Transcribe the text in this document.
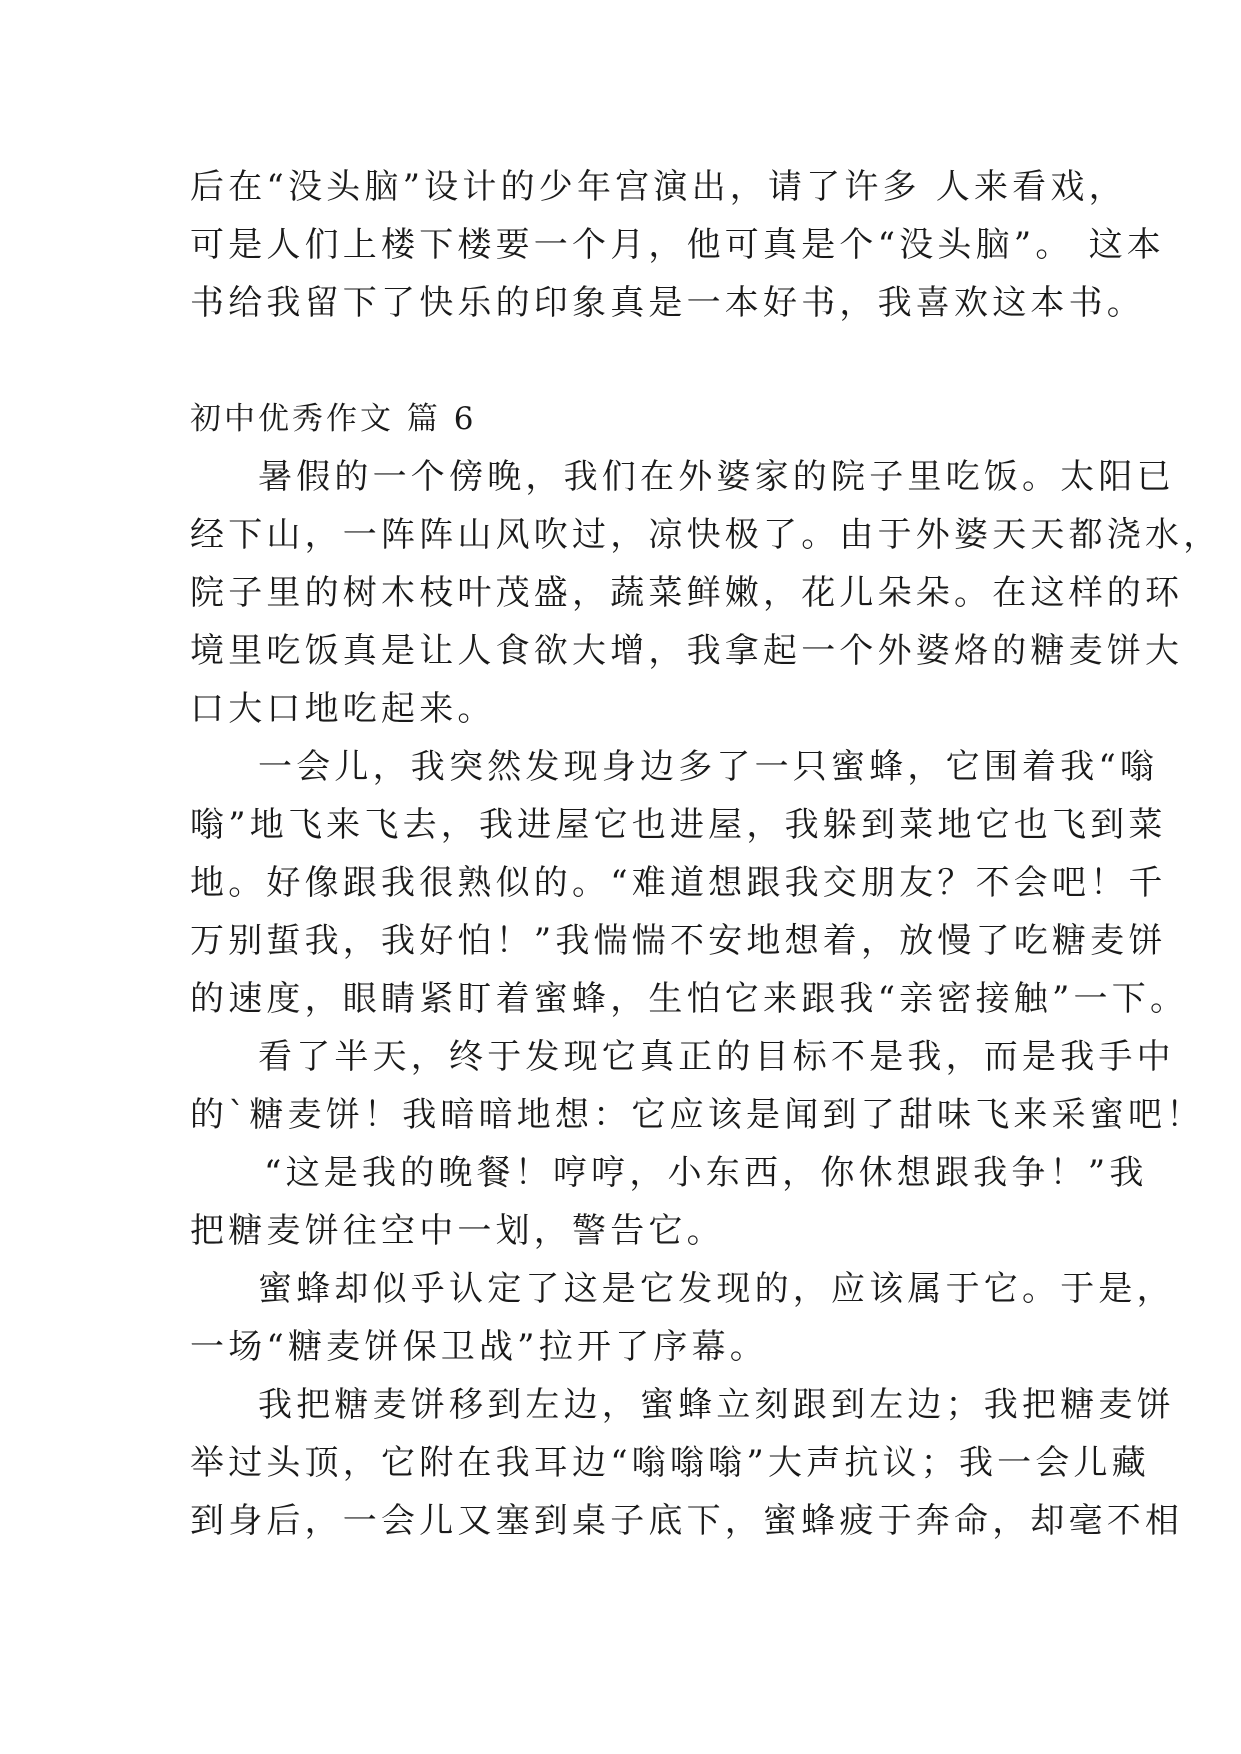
后在“没头脑”设计的少年宫演出，请了许多 人来看戏，
可是人们上楼下楼要一个月，他可真是个“没头脑”。 这本
书给我留下了快乐的印象真是一本好书，我喜欢这本书。
初中优秀作文 篇 6
暑假的一个傍晚，我们在外婆家的院子里吃饭。太阳已
经下山，一阵阵山风吹过，凉快极了。由于外婆天天都浇水，
院子里的树木枝叶茂盛，蔬菜鲜嫩，花儿朵朵。在这样的环
境里吃饭真是让人食欲大增，我拿起一个外婆烙的糖麦饼大
口大口地吃起来。
一会儿，我突然发现身边多了一只蜜蜂，它围着我“嗡
嗡”地飞来飞去，我进屋它也进屋，我躲到菜地它也飞到菜
地。好像跟我很熟似的。“难道想跟我交朋友？不会吧！千
万别蜇我，我好怕！”我惴惴不安地想着，放慢了吃糖麦饼
的速度，眼睛紧盯着蜜蜂，生怕它来跟我“亲密接触”一下。
看了半天，终于发现它真正的目标不是我，而是我手中
的`糖麦饼！我暗暗地想：它应该是闻到了甜味飞来采蜜吧！
“这是我的晚餐！哼哼，小东西，你休想跟我争！”我
把糖麦饼往空中一划，警告它。
蜜蜂却似乎认定了这是它发现的，应该属于它。于是，
一场“糖麦饼保卫战”拉开了序幕。
我把糖麦饼移到左边，蜜蜂立刻跟到左边；我把糖麦饼
举过头顶，它附在我耳边“嗡嗡嗡”大声抗议；我一会儿藏
到身后，一会儿又塞到桌子底下，蜜蜂疲于奔命，却毫不相
